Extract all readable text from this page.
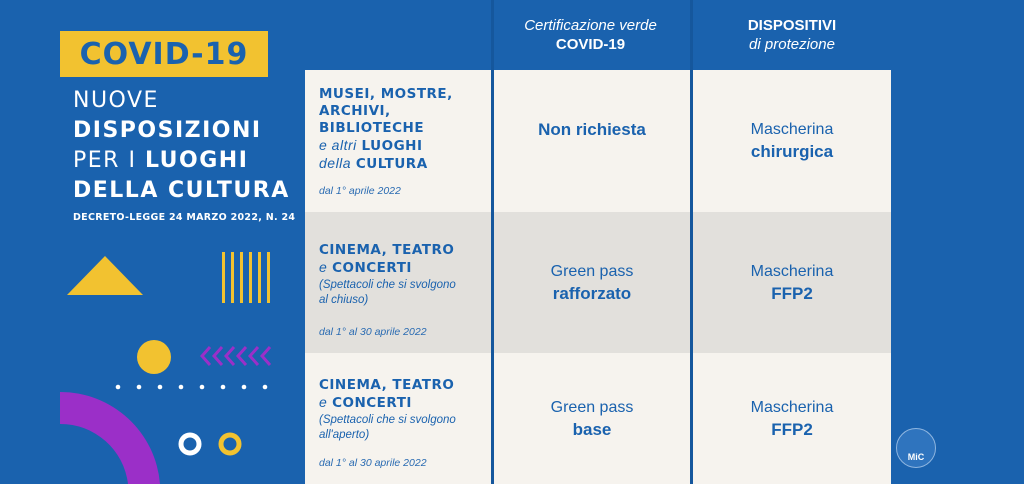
COVID-19
NUOVE
DISPOSIZIONI
PER I LUOGHI
DELLA CULTURA
DECRETO-LEGGE 24 MARZO 2022, N. 24
Certificazione verde
COVID-19
DISPOSITIVI
di protezione
MUSEI, MOSTRE,
ARCHIVI,
BIBLIOTECHE
e altri LUOGHI
della CULTURA
dal 1° aprile 2022
Non richiesta	Mascherina
chirurgica
CINEMA, TEATRO
e CONCERTI
(Spettacoli che si svolgono
al chiuso)
dal 1° al 30 aprile 2022
Green pass
rafforzato
Mascherina
FFP2
CINEMA, TEATRO
e CONCERTI
(Spettacoli che si svolgono
all'aperto)
dal 1° al 30 aprile 2022
Green pass
base
Mascherina
FFP2
MiC
